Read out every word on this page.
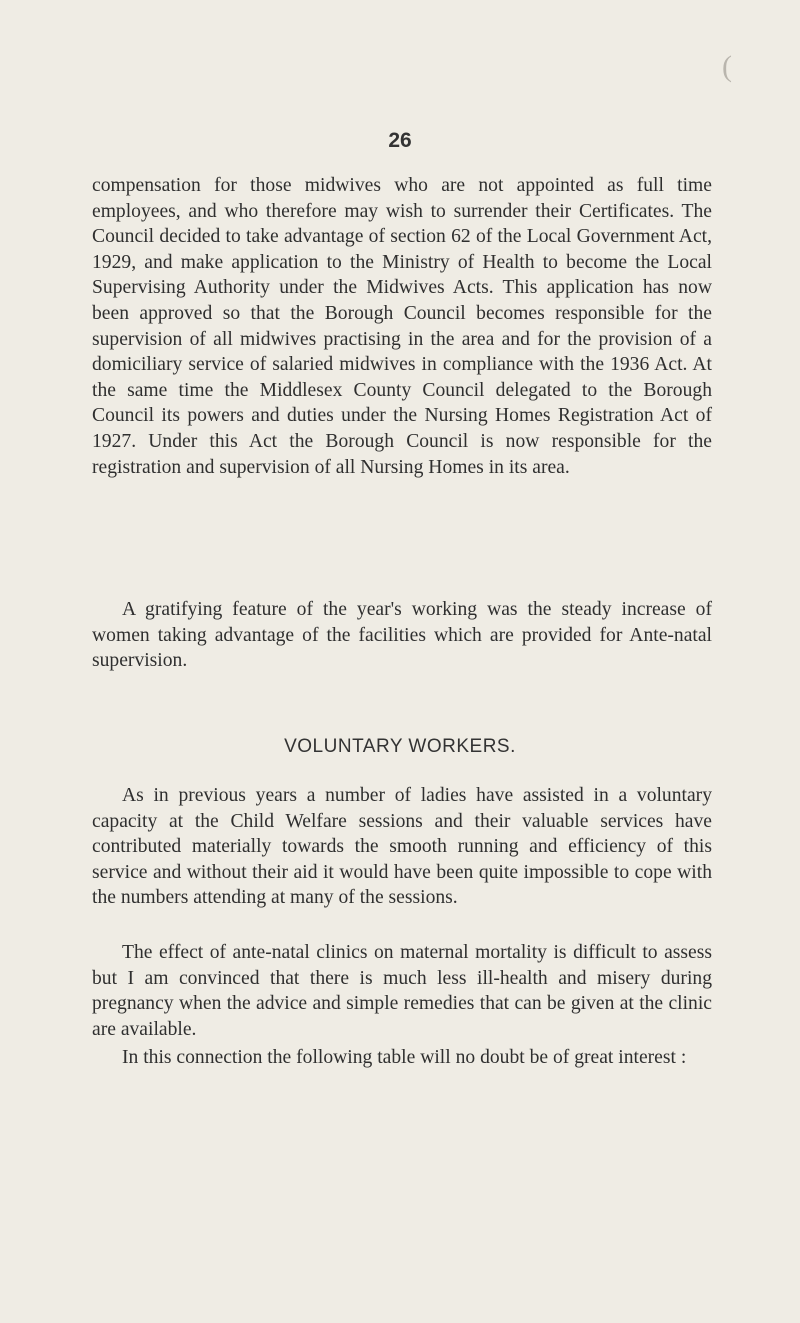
(
26

compensation for those midwives who are not appointed as full time employees, and who therefore may wish to surrender their Certificates. The Council decided to take advantage of section 62 of the Local Government Act, 1929, and make application to the Ministry of Health to become the Local Supervising Authority under the Midwives Acts. This application has now been approved so that the Borough Council becomes responsible for the supervision of all midwives practising in the area and for the provision of a domiciliary service of salaried midwives in compliance with the 1936 Act. At the same time the Middlesex County Council delegated to the Borough Council its powers and duties under the Nursing Homes Registration Act of 1927. Under this Act the Borough Council is now responsible for the registration and supervision of all Nursing Homes in its area.

A gratifying feature of the year's working was the steady increase of women taking advantage of the facilities which are provided for Ante-natal supervision.

VOLUNTARY WORKERS.

As in previous years a number of ladies have assisted in a voluntary capacity at the Child Welfare sessions and their valuable services have contributed materially towards the smooth running and efficiency of this service and without their aid it would have been quite impossible to cope with the numbers attending at many of the sessions.

The effect of ante-natal clinics on maternal mortality is difficult to assess but I am convinced that there is much less ill-health and misery during pregnancy when the advice and simple remedies that can be given at the clinic are available.

In this connection the following table will no doubt be of great interest :
